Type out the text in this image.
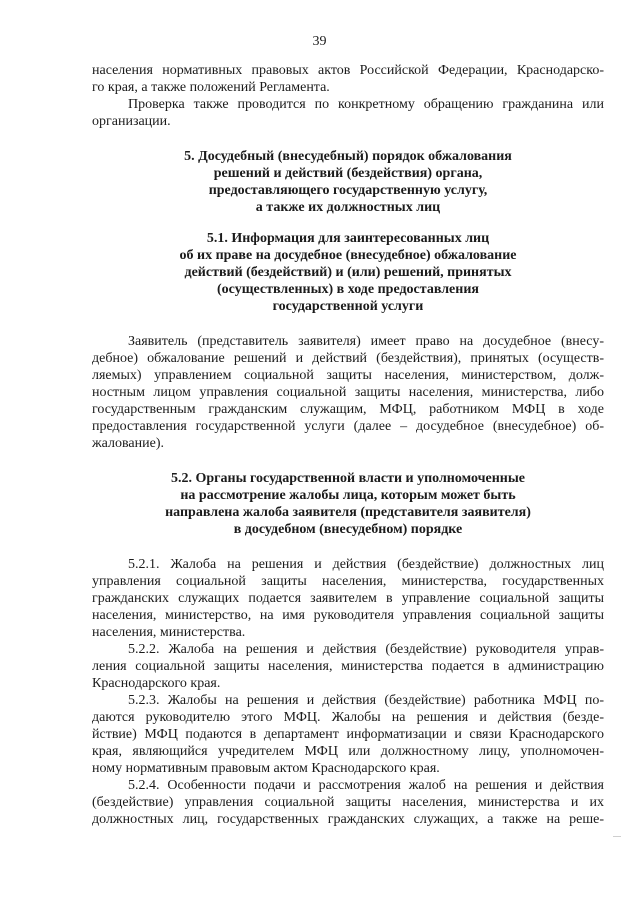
39
населения нормативных правовых актов Российской Федерации, Краснодарско-
го края, а также положений Регламента.
Проверка также проводится по конкретному обращению гражданина или
организации.
5. Досудебный (внесудебный) порядок обжалования
решений и действий (бездействия) органа,
предоставляющего государственную услугу,
а также их должностных лиц
5.1. Информация для заинтересованных лиц
об их праве на досудебное (внесудебное) обжалование
действий (бездействий) и (или) решений, принятых
(осуществленных) в ходе предоставления
государственной услуги
Заявитель (представитель заявителя) имеет право на досудебное (внесу-
дебное) обжалование решений и действий (бездействия), принятых (осуществ-
ляемых) управлением социальной защиты населения, министерством, долж-
ностным лицом управления социальной защиты населения, министерства, либо
государственным гражданским служащим, МФЦ, работником МФЦ в ходе
предоставления государственной услуги (далее – досудебное (внесудебное) об-
жалование).
5.2. Органы государственной власти и уполномоченные
на рассмотрение жалобы лица, которым может быть
направлена жалоба заявителя (представителя заявителя)
в досудебном (внесудебном) порядке
5.2.1. Жалоба на решения и действия (бездействие) должностных лиц
управления социальной защиты населения, министерства, государственных
гражданских служащих подается заявителем в управление социальной защиты
населения, министерство, на имя руководителя управления социальной защиты
населения, министерства.
5.2.2. Жалоба на решения и действия (бездействие) руководителя управ-
ления социальной защиты населения, министерства подается в администрацию
Краснодарского края.
5.2.3. Жалобы на решения и действия (бездействие) работника МФЦ по-
даются руководителю этого МФЦ. Жалобы на решения и действия (безде-
йствие) МФЦ подаются в департамент информатизации и связи Краснодарского
края, являющийся учредителем МФЦ или должностному лицу, уполномочен-
ному нормативным правовым актом Краснодарского края.
5.2.4. Особенности подачи и рассмотрения жалоб на решения и действия
(бездействие) управления социальной защиты населения, министерства и их
должностных лиц, государственных гражданских служащих, а также на реше-
